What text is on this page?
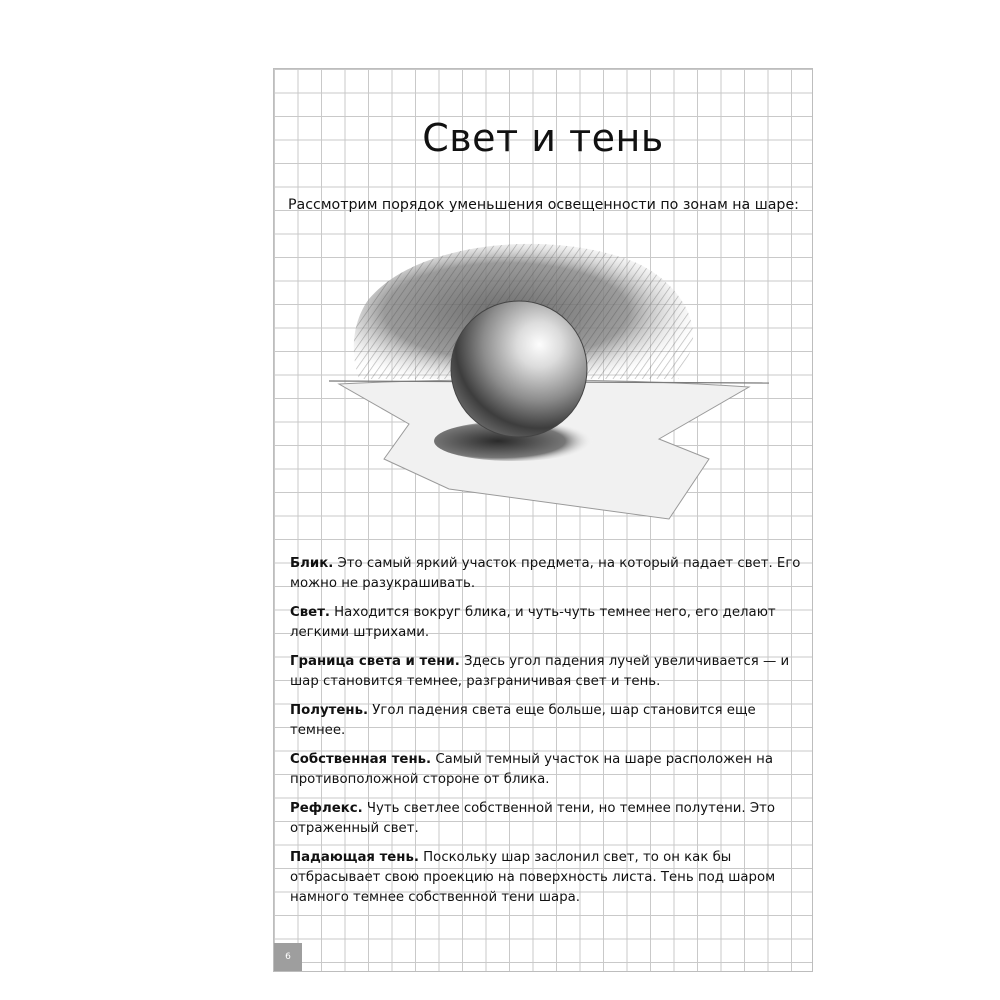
Свет и тень
Рассмотрим порядок уменьшения освещенности по зонам на шаре:

Блик. Это самый яркий участок предмета, на который падает свет. Его можно не разукрашивать.

Свет. Находится вокруг блика, и чуть-чуть темнее него, его делают легкими штрихами.

Граница света и тени. Здесь угол падения лучей увеличивается — и шар становится темнее, разграничивая свет и тень.

Полутень. Угол падения света еще больше, шар становится еще темнее.

Собственная тень. Самый темный участок на шаре расположен на противоположной стороне от блика.

Рефлекс. Чуть светлее собственной тени, но темнее полутени. Это отраженный свет.

Падающая тень. Поскольку шар заслонил свет, то он как бы отбрасывает свою проекцию на поверхность листа. Тень под шаром намного темнее собственной тени шара.

6
